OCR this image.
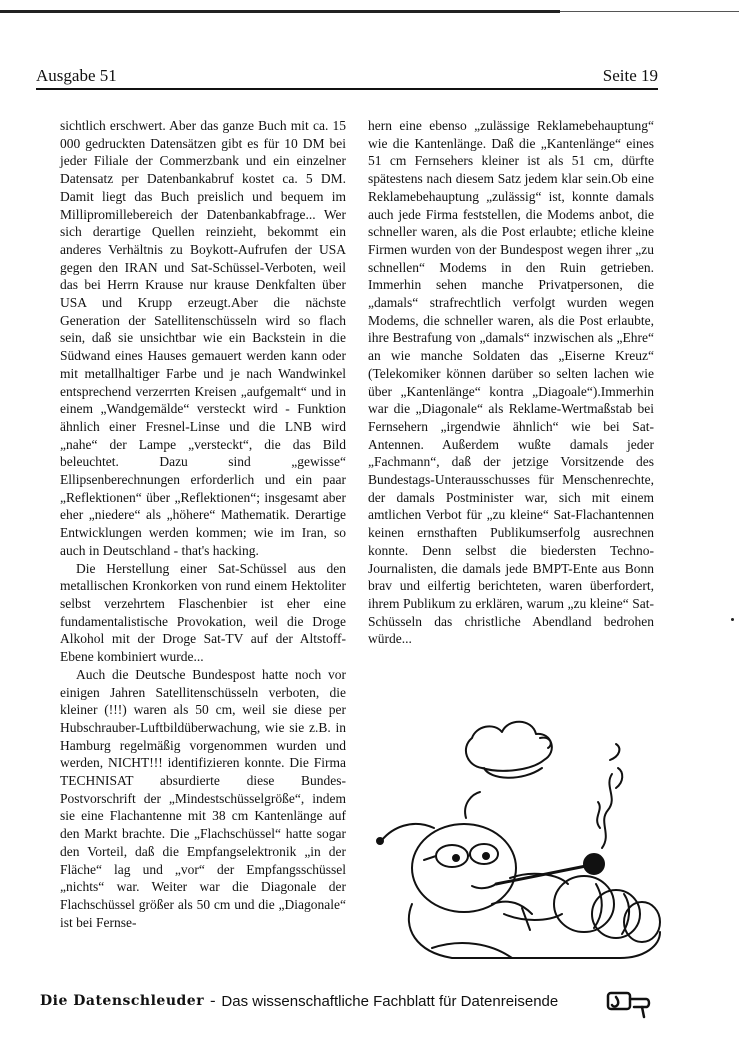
Ausgabe 51	Seite 19

sichtlich erschwert. Aber das ganze Buch mit ca. 15 000 gedruckten Datensätzen gibt es für 10 DM bei jeder Filiale der Commerzbank und ein einzelner Datensatz per Datenbankabruf kostet ca. 5 DM. Damit liegt das Buch preislich und bequem im Millipromillebereich der Datenbankabfrage... Wer sich derartige Quellen reinzieht, bekommt ein anderes Verhältnis zu Boykott-Aufrufen der USA gegen den IRAN und Sat-Schüssel-Verboten, weil das bei Herrn Krause nur krause Denkfalten über USA und Krupp erzeugt.Aber die nächste Generation der Satellitenschüsseln wird so flach sein, daß sie unsichtbar wie ein Backstein in die Südwand eines Hauses gemauert werden kann oder mit metallhaltiger Farbe und je nach Wandwinkel entsprechend verzerrten Kreisen „aufgemalt“ und in einem „Wandgemälde“ versteckt wird - Funktion ähnlich einer Fresnel-Linse und die LNB wird „nahe“ der Lampe „versteckt“, die das Bild beleuchtet. Dazu sind „gewisse“ Ellipsenberechnungen erforderlich und ein paar „Reflektionen“ über „Reflektionen“; insgesamt aber eher „niedere“ als „höhere“ Mathematik. Derartige Entwicklungen werden kommen; wie im Iran, so auch in Deutschland - that's hacking.

Die Herstellung einer Sat-Schüssel aus den metallischen Kronkorken von rund einem Hektoliter selbst verzehrtem Flaschenbier ist eher eine fundamentalistische Provokation, weil die Droge Alkohol mit der Droge Sat-TV auf der Altstoff-Ebene kombiniert wurde...

Auch die Deutsche Bundespost hatte noch vor einigen Jahren Satellitenschüsseln verboten, die kleiner (!!!) waren als 50 cm, weil sie diese per Hubschrauber-Luftbildüberwachung, wie sie z.B. in Hamburg regelmäßig vorgenommen wurden und werden, NICHT!!! identifizieren konnte. Die Firma TECHNISAT absurdierte diese Bundes-Postvorschrift der „Mindestschüsselgröße“, indem sie eine Flachantenne mit 38 cm Kantenlänge auf den Markt brachte. Die „Flachschüssel“ hatte sogar den Vorteil, daß die Empfangselektronik „in der Fläche“ lag und „vor“ der Empfangsschüssel „nichts“ war. Weiter war die Diagonale der Flachschüssel größer als 50 cm und die „Diagonale“ ist bei Fernse-

hern eine ebenso „zulässige Reklamebehauptung“ wie die Kantenlänge. Daß die „Kantenlänge“ eines 51 cm Fernsehers kleiner ist als 51 cm, dürfte spätestens nach diesem Satz jedem klar sein.Ob eine Reklamebehauptung „zulässig“ ist, konnte damals auch jede Firma feststellen, die Modems anbot, die schneller waren, als die Post erlaubte; etliche kleine Firmen wurden von der Bundespost wegen ihrer „zu schnellen“ Modems in den Ruin getrieben. Immerhin sehen manche Privatpersonen, die „damals“ strafrechtlich verfolgt wurden wegen Modems, die schneller waren, als die Post erlaubte, ihre Bestrafung von „damals“ inzwischen als „Ehre“ an wie manche Soldaten das „Eiserne Kreuz“ (Telekomiker können darüber so selten lachen wie über „Kantenlänge“ kontra „Diagoale“).Immerhin war die „Diagonale“ als Reklame-Wertmaßstab bei Fernsehern „irgendwie ähnlich“ wie bei Sat-Antennen. Außerdem wußte damals jeder „Fachmann“, daß der jetzige Vorsitzende des Bundestags-Unterausschusses für Menschenrechte, der damals Postminister war, sich mit einem amtlichen Verbot für „zu kleine“ Sat-Flachantennen keinen ernsthaften Publikumserfolg ausrechnen konnte. Denn selbst die biedersten Techno-Journalisten, die damals jede BMPT-Ente aus Bonn brav und eilfertig berichteten, waren überfordert, ihrem Publikum zu erklären, warum „zu kleine“ Sat-Schüsseln das christliche Abendland bedrohen würde...

Die Datenschleuder - Das wissenschaftliche Fachblatt für Datenreisende
